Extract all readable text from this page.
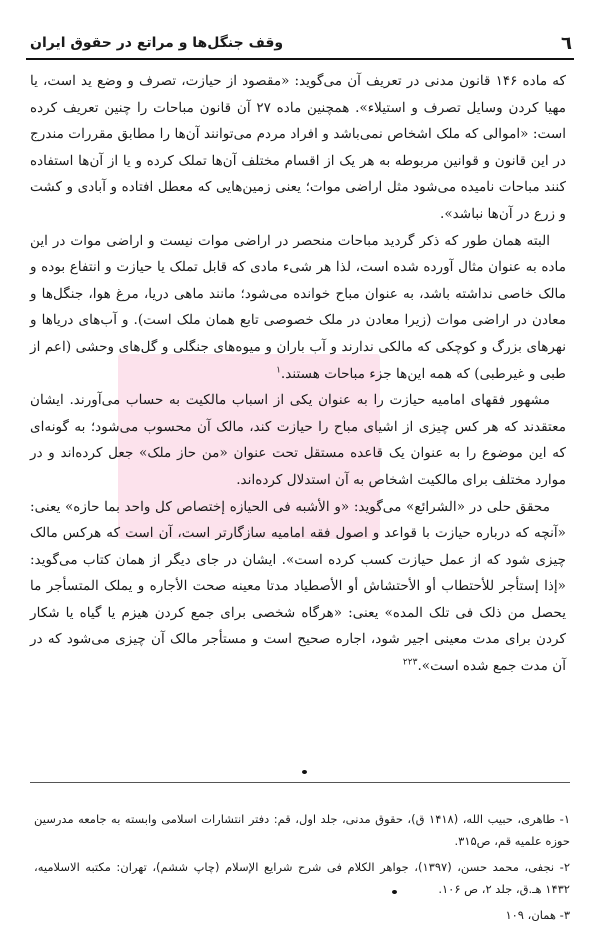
٦
وقف جنگل‌ها و مراتع در حقوق ایران

که ماده ۱۴۶ قانون مدنی در تعریف آن می‌گوید: «مقصود از حیازت، تصرف و وضع ید است، یا مهیا کردن وسایل تصرف و استیلاء». همچنین ماده ۲۷ آن قانون مباحات را چنین تعریف کرده است: «اموالی که ملک اشخاص نمی‌باشد و افراد مردم می‌توانند آن‌ها را مطابق مقررات مندرج در این قانون و قوانین مربوطه به هر یک از اقسام مختلف آن‌ها تملک کرده و یا از آن‌ها استفاده کنند مباحات نامیده می‌شود مثل اراضی موات؛ یعنی زمین‌هایی که معطل افتاده و آبادی و کشت و زرع در آن‌ها نباشد».

البته همان طور که ذکر گردید مباحات منحصر در اراضی موات نیست و اراضی موات در این ماده به عنوان مثال آورده شده است، لذا هر شیء مادی که قابل تملک یا حیازت و انتفاع بوده و مالک خاصی نداشته باشد، به عنوان مباح خوانده می‌شود؛ مانند ماهی دریا، مرغ هوا، جنگل‌ها و معادن در اراضی موات (زیرا معادن در ملک خصوصی تابع همان ملک است). و آب‌های دریاها و نهرهای بزرگ و کوچکی که مالکی ندارند و آب باران و میوه‌های جنگلی و گل‌های وحشی (اعم از طبی و غیرطبی) که همه این‌ها جزء مباحات هستند.$^۱$

مشهور فقهای امامیه حیازت را به عنوان یکی از اسباب مالکیت به حساب می‌آورند. ایشان معتقدند که هر کس چیزی از اشیای مباح را حیازت کند، مالک آن محسوب می‌شود؛ به گونه‌ای که این موضوع را به عنوان یک قاعده مستقل تحت عنوان «من حاز ملک» جعل کرده‌اند و در موارد مختلف برای مالکیت اشخاص به آن استدلال کرده‌اند.

محقق حلی در «الشرائع» می‌گوید: «و الأشبه فی الحیازه إختصاص کل واحد بما حازه» یعنی: «آنچه که درباره حیازت با قواعد و اصول فقه امامیه سازگارتر است، آن است که هرکس مالک چیزی شود که از عمل حیازت کسب کرده است». ایشان در جای دیگر از همان کتاب می‌گوید: «إذا إستأجر للأحتطاب أو الأحتشاش أو الأصطیاد مدتا معینه صحت الأجاره و یملک المتسأجر ما یحصل من ذلک فی تلک المده» یعنی: «هرگاه شخصی برای جمع کردن هیزم یا گیاه یا شکار کردن برای مدت معینی اجیر شود، اجاره صحیح است و مستأجر مالک آن چیزی می‌شود که در آن مدت جمع شده است».$^{۲۲۳}$

۱- طاهری، حبیب الله، (۱۴۱۸ ق)، حقوق مدنی، جلد اول، قم: دفتر انتشارات اسلامی وابسته به جامعه مدرسین حوزه علمیه قم، ص۳۱۵.

۲- نجفی، محمد حسن، (۱۳۹۷)، جواهر الکلام فی شرح شرایع الإسلام (چاپ ششم)، تهران: مکتبه الاسلامیه، ۱۴۳۲ هـ.ق، جلد ۲، ص ۱۰۶.

۳- همان، ۱۰۹
